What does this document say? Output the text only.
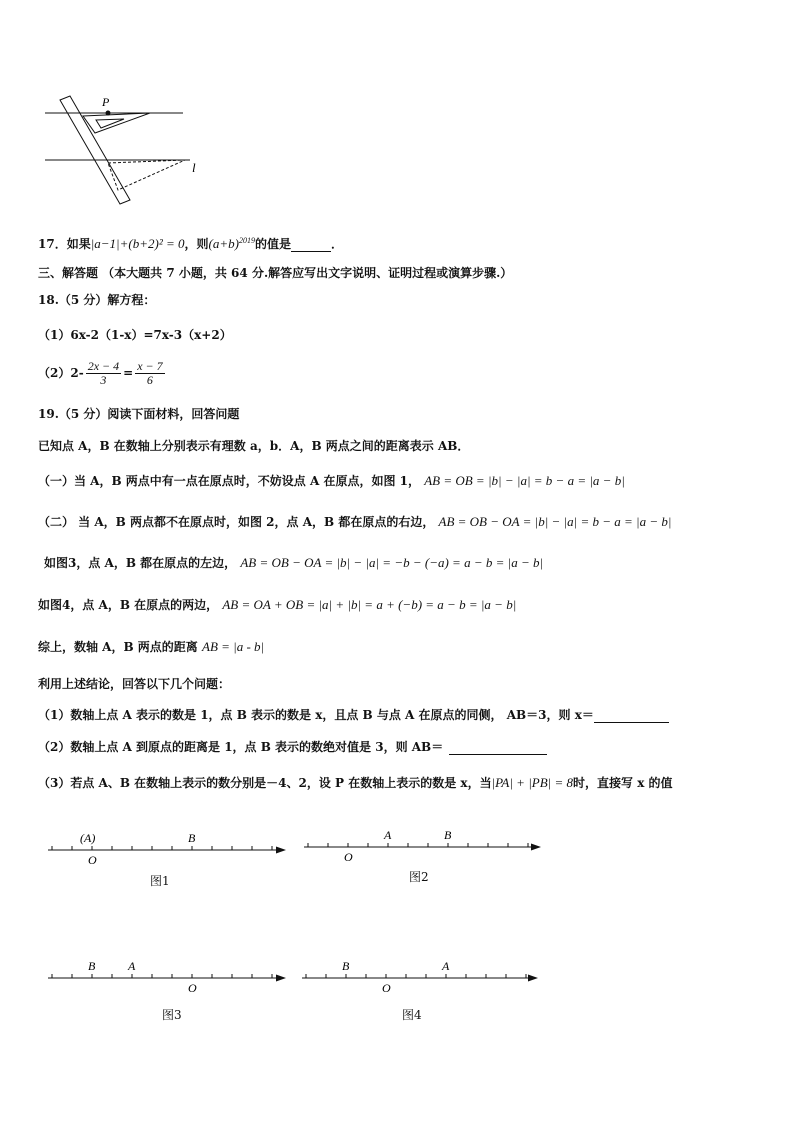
P
l
17．如果|a−1|+(b+2)² = 0，则$(a+b)^{2019}$的值是	．
三、解答题 （本大题共 7 小题，共 64 分.解答应写出文字说明、证明过程或演算步骤.）
18.（5 分）解方程：
（1）6x-2（1-x）=7x-3（x+2）
$(2)2- \frac{2x - 4}{3} = \frac{x - 7}{6}$
19.（5 分）阅读下面材料，回答问题
已知点 A，B 在数轴上分别表示有理数 a，b．A，B 两点之间的距离表示 AB．
（一）当 A，B 两点中有一点在原点时，不妨设点 A 在原点，如图 1， AB = OB = |b| − |a| = b − a = |a − b|
（二） 当 A，B 两点都不在原点时，如图 2，点 A，B 都在原点的右边， AB = OB − OA = |b| − |a| = b − a = |a − b|
如图3，点 A，B 都在原点的左边， AB = OB − OA = |b| − |a| = −b − (−a) = a − b = |a − b|
如图4，点 A，B 在原点的两边， AB = OA + OB = |a| + |b| = a + (−b) = a − b = |a − b|
综上，数轴 A，B 两点的距离 AB = |a - b|
利用上述结论，回答以下几个问题：
（1）数轴上点 A 表示的数是 1，点 B 表示的数是 x，且点 B 与点 A 在原点的同侧， AB＝3，则 x＝
（2）数轴上点 A 到原点的距离是 1，点 B 表示的数绝对值是 3，则 AB＝
（3）若点 A、B 在数轴上表示的数分别是－4、2，设 P 在数轴上表示的数是 x，当|PA| + |PB| = 8时，直接写 x 的值
O
(A)	B
O
A	B
O
A
B
O
A
B
图1	图2
图3	图4
